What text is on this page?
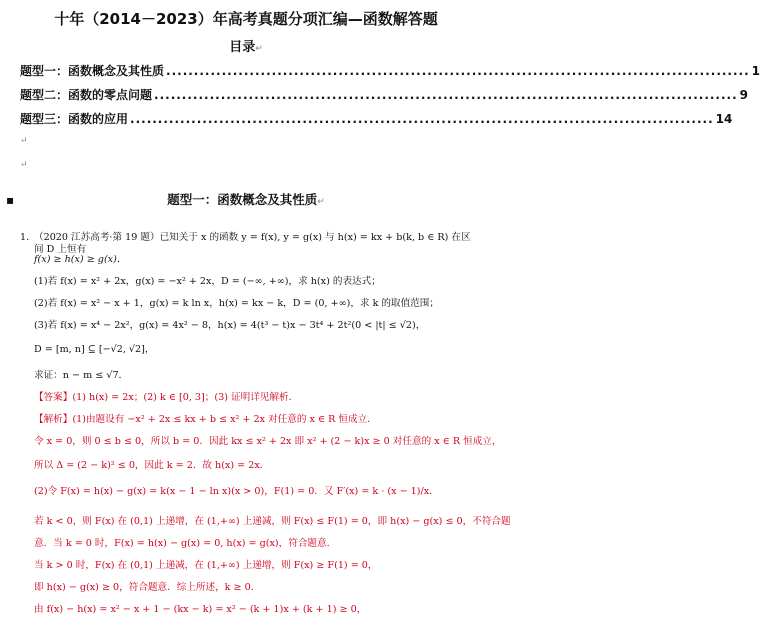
十年（2014－2023）年高考真题分项汇编—函数解答题
目录↵
题型一：函数概念及其性质 ......................................................................................................... 1
题型二：函数的零点问题 ......................................................................................................... 9
题型三：函数的应用 ......................................................................................................... 14
↵
↵
▪	题型一：函数概念及其性质↵
1. （2020 江苏高考·第 19 题）已知关于 x 的函数 y = f(x), y = g(x) 与 h(x) = kx + b(k, b ∈ R) 在区间 D 上恒有
f(x) ≥ h(x) ≥ g(x)．
(1)若 f(x) = x² + 2x，g(x) = −x² + 2x，D = (−∞, +∞)，求 h(x) 的表达式；
(2)若 f(x) = x² − x + 1，g(x) = k ln x，h(x) = kx − k，D = (0, +∞)，求 k 的取值范围；
(3)若 f(x) = x⁴ − 2x²，g(x) = 4x² − 8，h(x) = 4(t³ − t)x − 3t⁴ + 2t²(0 < |t| ≤ √2)，
D = [m, n] ⊆ [−√2, √2]，
求证：n − m ≤ √7．
【答案】(1) h(x) = 2x；(2) k ∈ [0, 3]；(3) 证明详见解析．
【解析】(1)由题设有 −x² + 2x ≤ kx + b ≤ x² + 2x 对任意的 x ∈ R 恒成立．
令 x = 0，则 0 ≤ b ≤ 0，所以 b = 0．因此 kx ≤ x² + 2x 即 x² + (2 − k)x ≥ 0 对任意的 x ∈ R 恒成立，
所以 Δ = (2 − k)² ≤ 0，因此 k = 2．故 h(x) = 2x．
(2)令 F(x) = h(x) − g(x) = k(x − 1 − ln x)(x > 0)，F(1) = 0．又 F′(x) = k · (x − 1)/x．
若 k < 0，则 F(x) 在 (0,1) 上递增，在 (1,+∞) 上递减，则 F(x) ≤ F(1) = 0，即 h(x) − g(x) ≤ 0，不符合题
意．当 k = 0 时，F(x) = h(x) − g(x) = 0, h(x) = g(x)，符合题意．
当 k > 0 时，F(x) 在 (0,1) 上递减，在 (1,+∞) 上递增，则 F(x) ≥ F(1) = 0，
即 h(x) − g(x) ≥ 0，符合题意．综上所述，k ≥ 0．
由 f(x) − h(x) = x² − x + 1 − (kx − k) = x² − (k + 1)x + (k + 1) ≥ 0，
